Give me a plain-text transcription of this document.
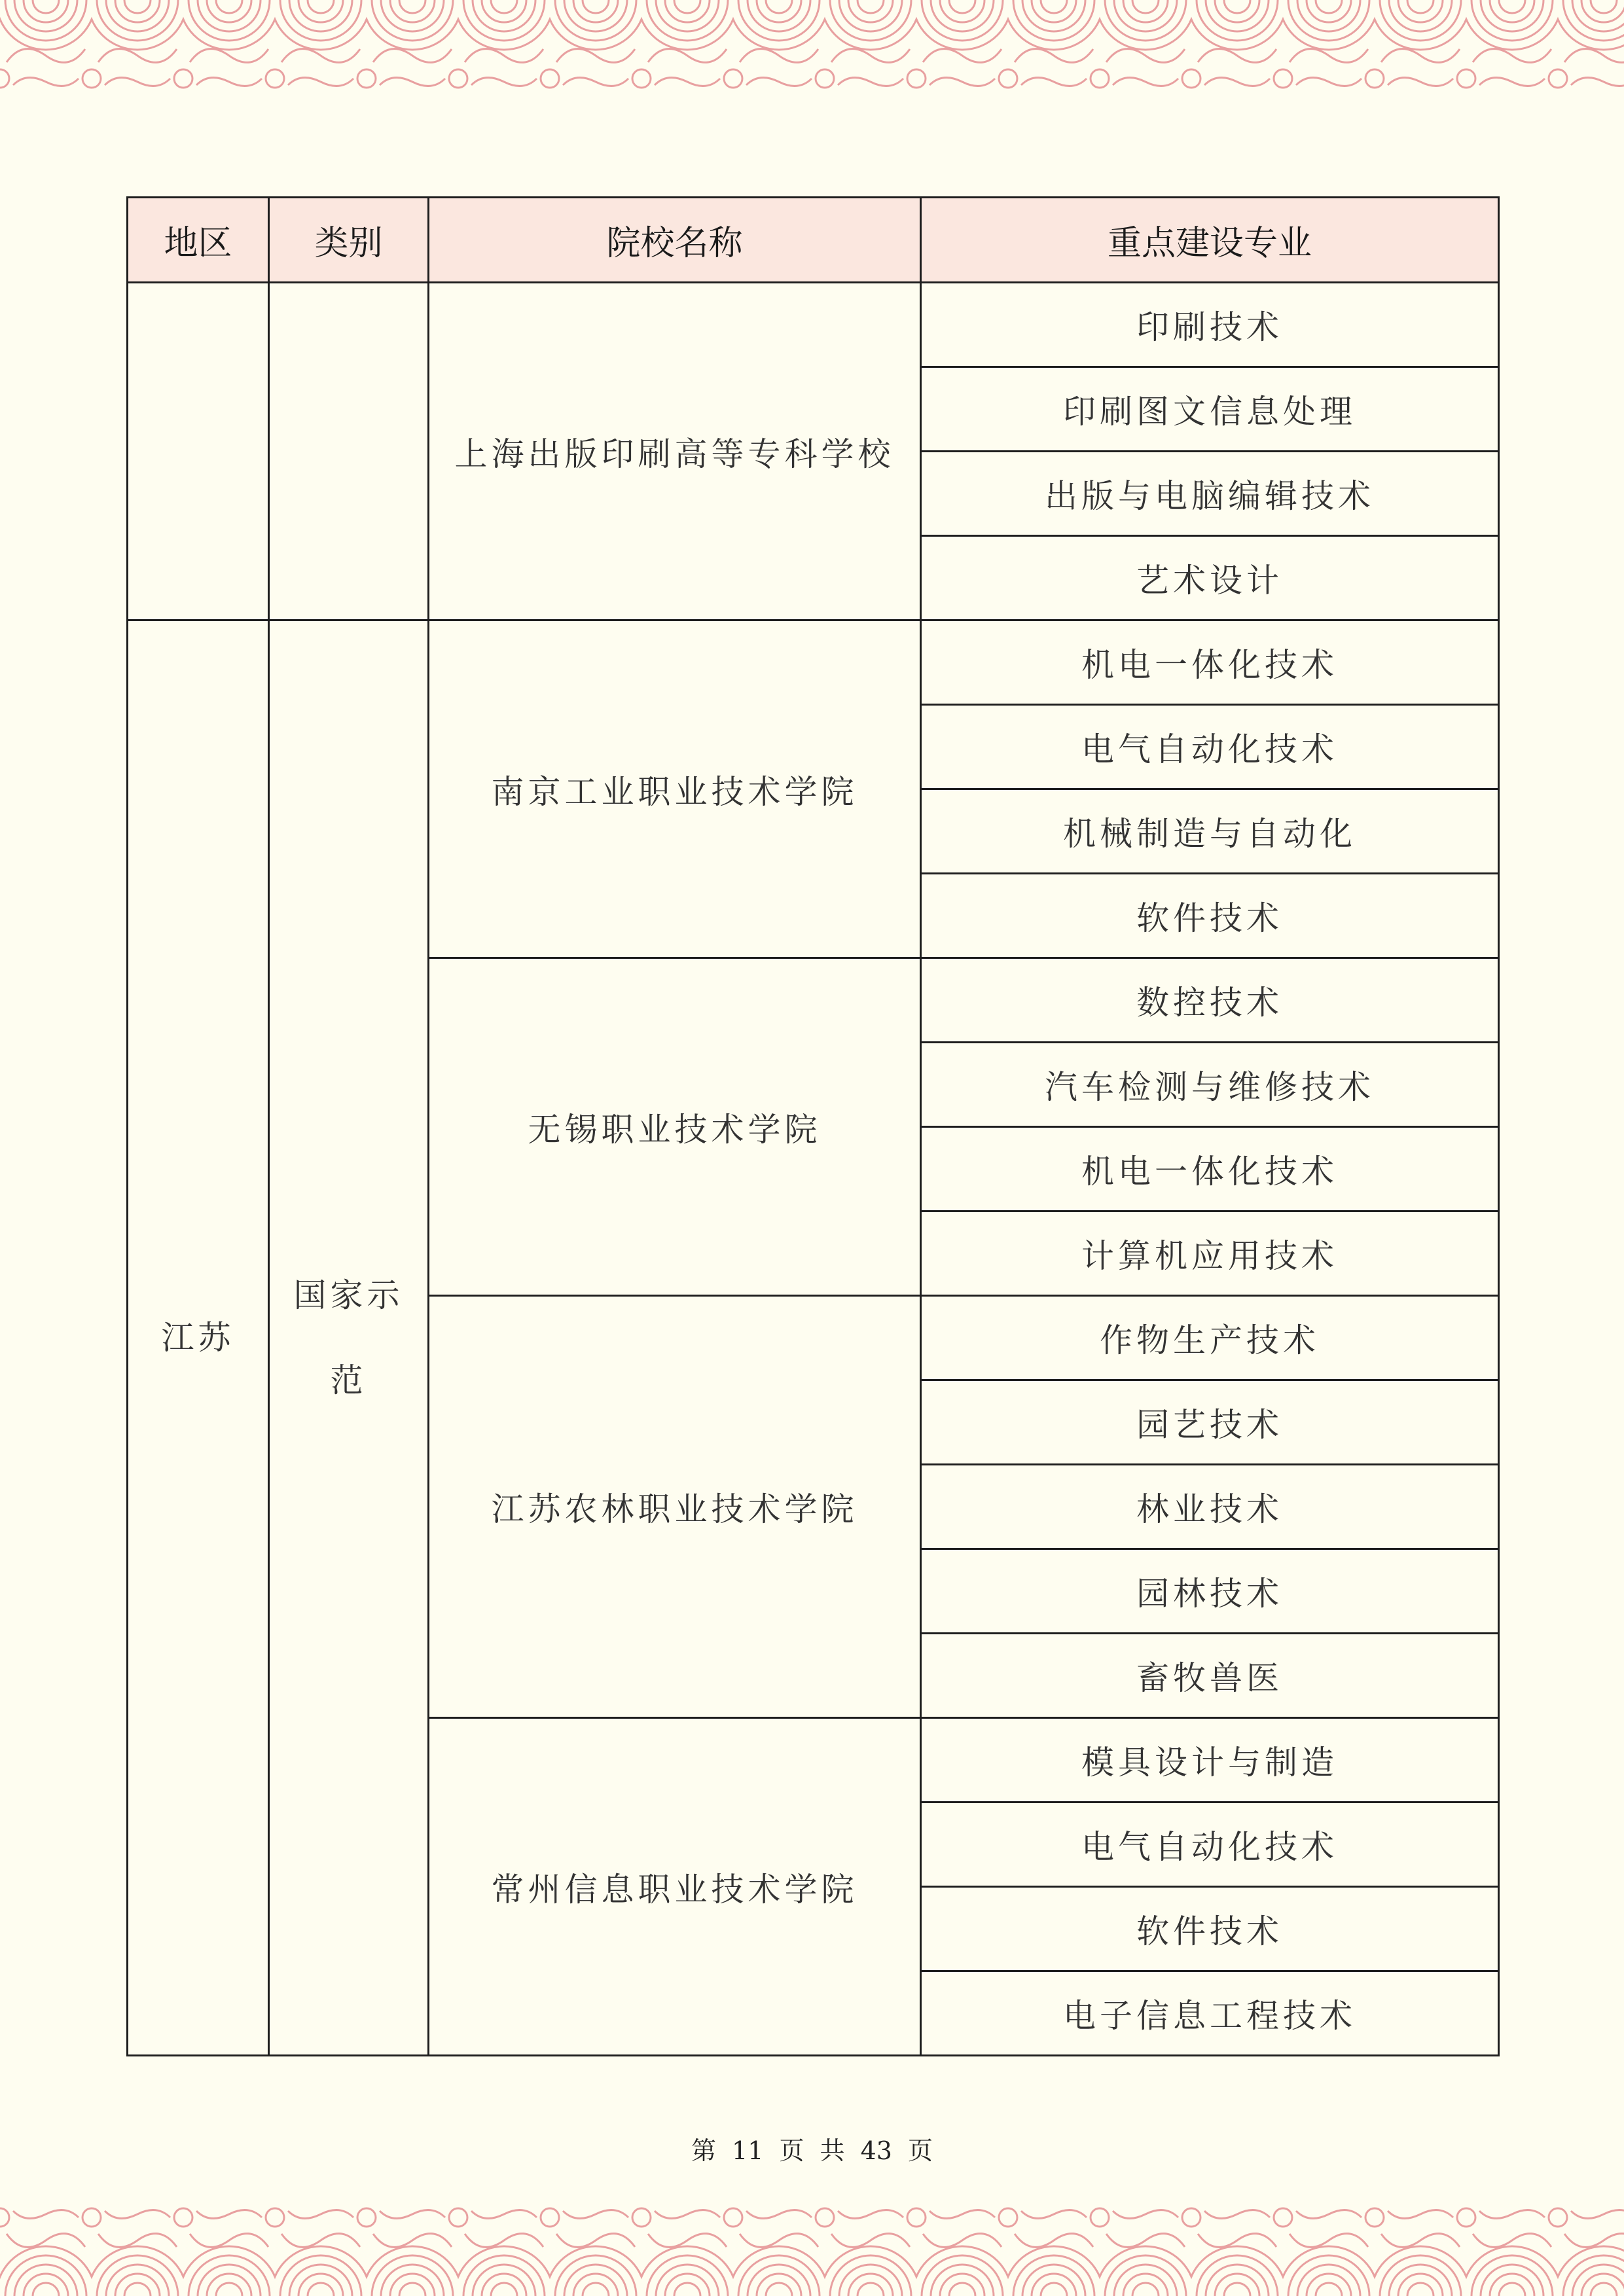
地区	类别	院校名称	重点建设专业
		上海出版印刷高等专科学校	印刷技术
			印刷图文信息处理
			出版与电脑编辑技术
			艺术设计
江苏	国家示范	南京工业职业技术学院	机电一体化技术
			电气自动化技术
			机械制造与自动化
			软件技术
		无锡职业技术学院	数控技术
			汽车检测与维修技术
			机电一体化技术
			计算机应用技术
		江苏农林职业技术学院	作物生产技术
			园艺技术
			林业技术
			园林技术
			畜牧兽医
		常州信息职业技术学院	模具设计与制造
			电气自动化技术
			软件技术
			电子信息工程技术
第 11 页 共 43 页
